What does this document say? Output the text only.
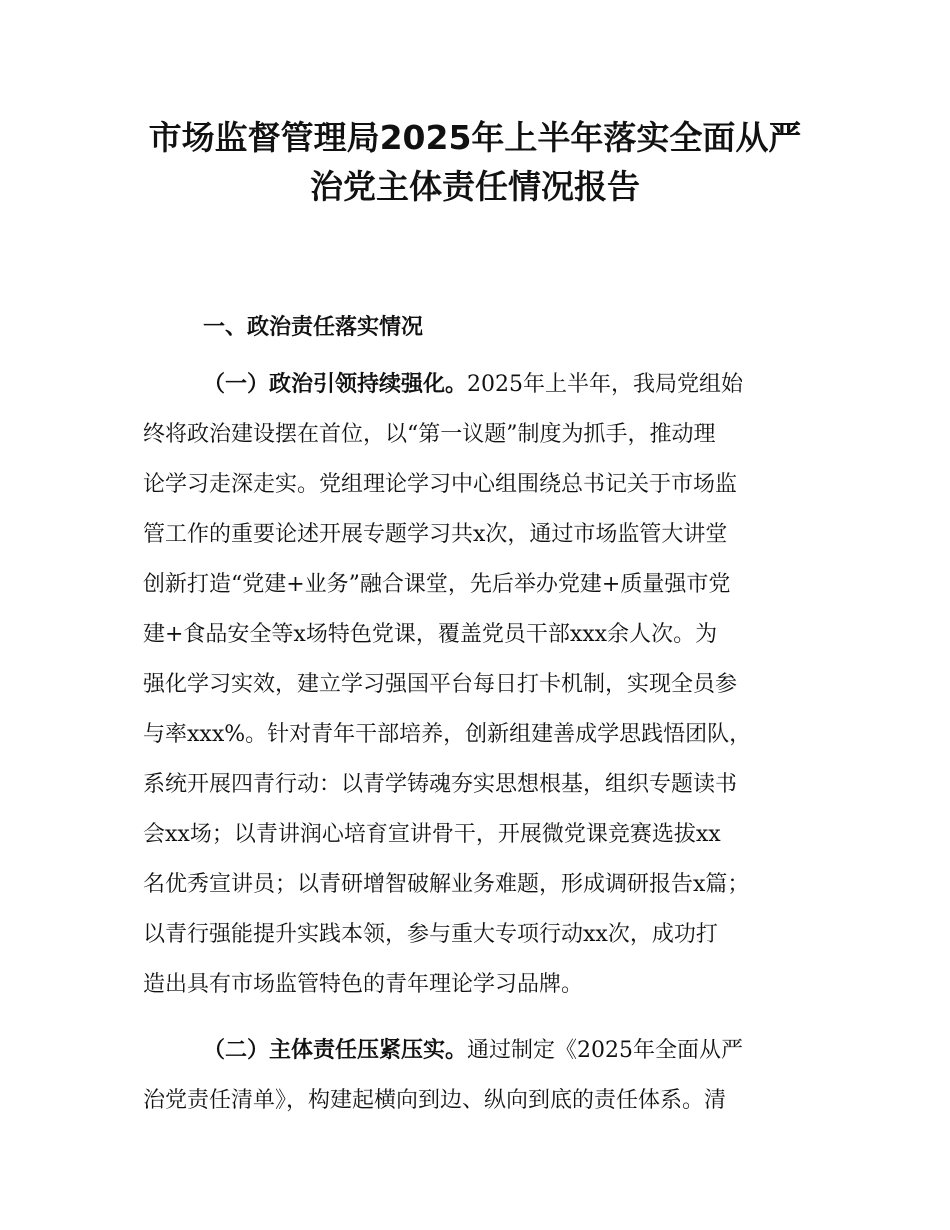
市场监督管理局2025年上半年落实全面从严
治党主体责任情况报告
一、政治责任落实情况
（一）政治引领持续强化。2025年上半年，我局党组始
终将政治建设摆在首位，以“第一议题”制度为抓手，推动理
论学习走深走实。党组理论学习中心组围绕总书记关于市场监
管工作的重要论述开展专题学习共x次，通过市场监管大讲堂
创新打造“党建+业务”融合课堂，先后举办党建+质量强市党
建+食品安全等x场特色党课，覆盖党员干部xxx余人次。为
强化学习实效，建立学习强国平台每日打卡机制，实现全员参
与率xxx%。针对青年干部培养，创新组建善成学思践悟团队，
系统开展四青行动：以青学铸魂夯实思想根基，组织专题读书
会xx场；以青讲润心培育宣讲骨干，开展微党课竞赛选拔xx
名优秀宣讲员；以青研增智破解业务难题，形成调研报告x篇；
以青行强能提升实践本领，参与重大专项行动xx次，成功打
造出具有市场监管特色的青年理论学习品牌。
（二）主体责任压紧压实。通过制定《2025年全面从严
治党责任清单》，构建起横向到边、纵向到底的责任体系。清
